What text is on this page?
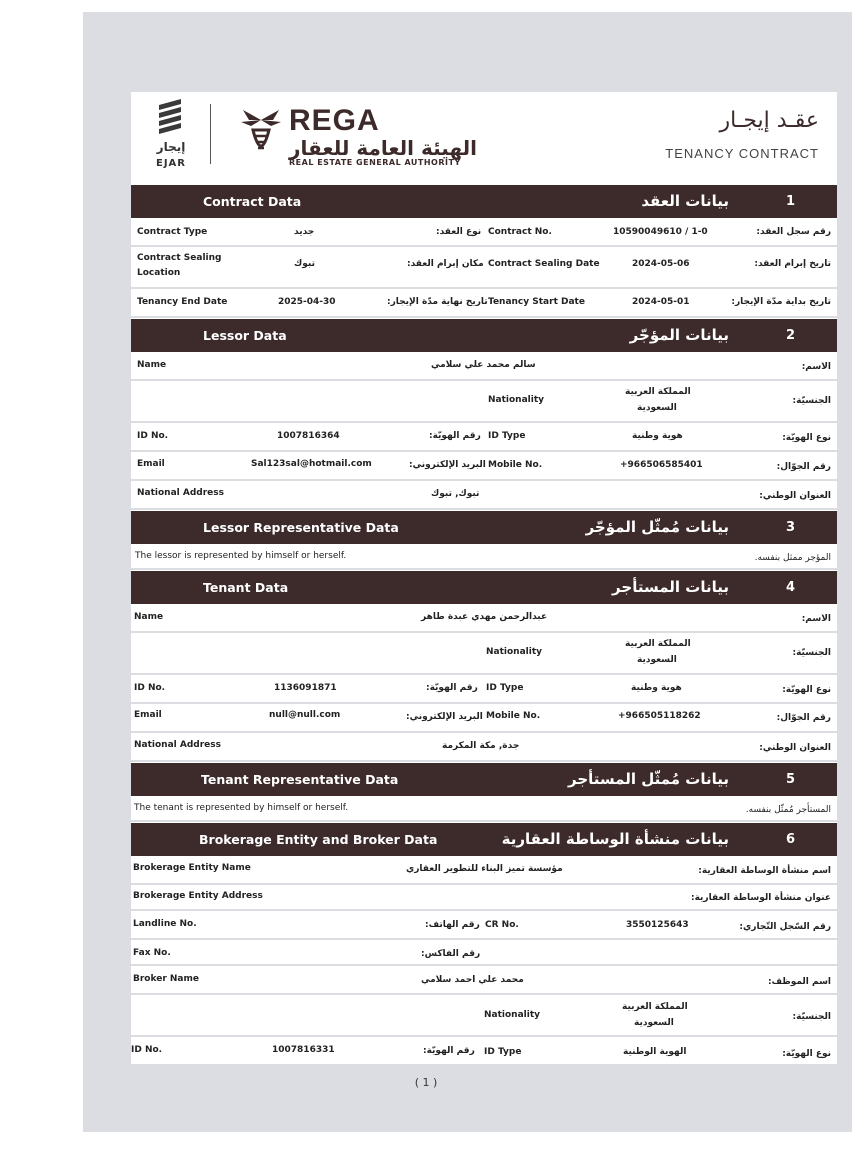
إيجار
EJAR
REGA
الهيئة العامة للعقار
REAL ESTATE GENERAL AUTHORITY
عقـد إيجـار
TENANCY CONTRACT
Contract Data	بيانات العقد	1
Contract Type	جديد	نوع العقد: Contract No.	10590049610 / 1-0	رقم سجل العقد:
Contract Sealing
Location
تبوك	مكان إبرام العقد: Contract Sealing Date	2024-05-06	تاريخ إبرام العقد:
Tenancy End Date	2025-04-30	تاريخ نهاية مدّة الإيجار: Tenancy Start Date	2024-05-01	تاريخ بداية مدّة الإيجار:
Lessor Data	بيانات المؤجّر	2
Name	سالم محمد علي سلامي	الاسم:
Nationality
المملكة العربية
السعودية
الجنسيّة:
ID No.	1007816364	رقم الهويّة: ID Type	هوية وطنية	نوع الهويّة:
Email	Sal123sal@hotmail.com	البريد الإلكتروني: Mobile No.	+966506585401	رقم الجوّال:
National Address	تبوك, تبوك	العنوان الوطني:
Lessor Representative Data	بيانات مُمثّل المؤجّر	3
The lessor is represented by himself or herself.	المؤجر ممثل بنفسه.
Tenant Data	بيانات المستأجر	4
Name	عبدالرحمن مهدي عبدة طاهر	الاسم:
Nationality
المملكة العربية
السعودية
الجنسيّة:
ID No.	1136091871	رقم الهويّة: ID Type	هوية وطنية	نوع الهويّة:
Email	null@null.com	البريد الإلكتروني: Mobile No.	+966505118262	رقم الجوّال:
National Address	جدة, مكة المكرمة	العنوان الوطني:
Tenant Representative Data	بيانات مُمثّل المستأجر	5
The tenant is represented by himself or herself.	المستأجر مُمثّل بنفسه.
Brokerage Entity and Broker Data	بيانات منشأة الوساطة العقارية	6
Brokerage Entity Name	مؤسسة تميز البناء للتطوير العقاري	اسم منشأة الوساطة العقارية:
Brokerage Entity Address	عنوان منشأة الوساطة العقارية:
Landline No.	رقم الهاتف: CR No.	3550125643	رقم السّجل التّجاري:
Fax No.	رقم الفاكس:
Broker Name	محمد علي احمد سلامي	اسم الموظف:
Nationality
المملكة العربية
السعودية
الجنسيّة:
ID No.	1007816331	رقم الهويّة: ID Type	الهوية الوطنية	نوع الهويّة:
( 1 )
